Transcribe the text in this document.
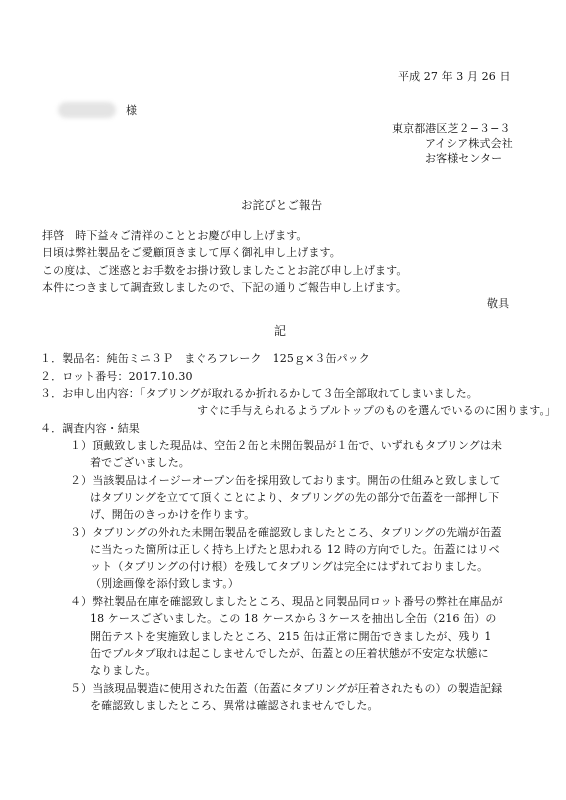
平成 27 年 3 月 26 日
様
東京都港区芝２−３−３
アイシア株式会社
お客様センター
お詫びとご報告
拝啓　時下益々ご清祥のこととお慶び申し上げます。
日頃は弊社製品をご愛顧頂きまして厚く御礼申し上げます。
この度は、ご迷惑とお手数をお掛け致しましたことお詫び申し上げます。
本件につきまして調査致しましたので、下記の通りご報告申し上げます。
敬具
記
１．製品名：純缶ミニ３Ｐ　まぐろフレーク　125ｇ×３缶パック
２．ロット番号：2017.10.30
３．お申し出内容：「タブリングが取れるか折れるかして３缶全部取れてしまいました。
すぐに手与えられるようプルトップのものを選んでいるのに困ります。」
４．調査内容・結果
１）頂戴致しました現品は、空缶２缶と未開缶製品が１缶で、いずれもタブリングは未
着でございました。
２）当該製品はイージーオープン缶を採用致しております。開缶の仕組みと致しまして
はタブリングを立てて頂くことにより、タブリングの先の部分で缶蓋を一部押し下
げ、開缶のきっかけを作ります。
３）タブリングの外れた未開缶製品を確認致しましたところ、タブリングの先端が缶蓋
に当たった箇所は正しく持ち上げたと思われる 12 時の方向でした。缶蓋にはリベ
ット（タブリングの付け根）を残してタブリングは完全にはずれておりました。
（別途画像を添付致します。）
４）弊社製品在庫を確認致しましたところ、現品と同製品同ロット番号の弊社在庫品が
18 ケースございました。この 18 ケースから３ケースを抽出し全缶（216 缶）の
開缶テストを実施致しましたところ、215 缶は正常に開缶できましたが、残り 1
缶でプルタブ取れは起こしませんでしたが、缶蓋との圧着状態が不安定な状態に
なりました。
５）当該現品製造に使用された缶蓋（缶蓋にタブリングが圧着されたもの）の製造記録
を確認致しましたところ、異常は確認されませんでした。
